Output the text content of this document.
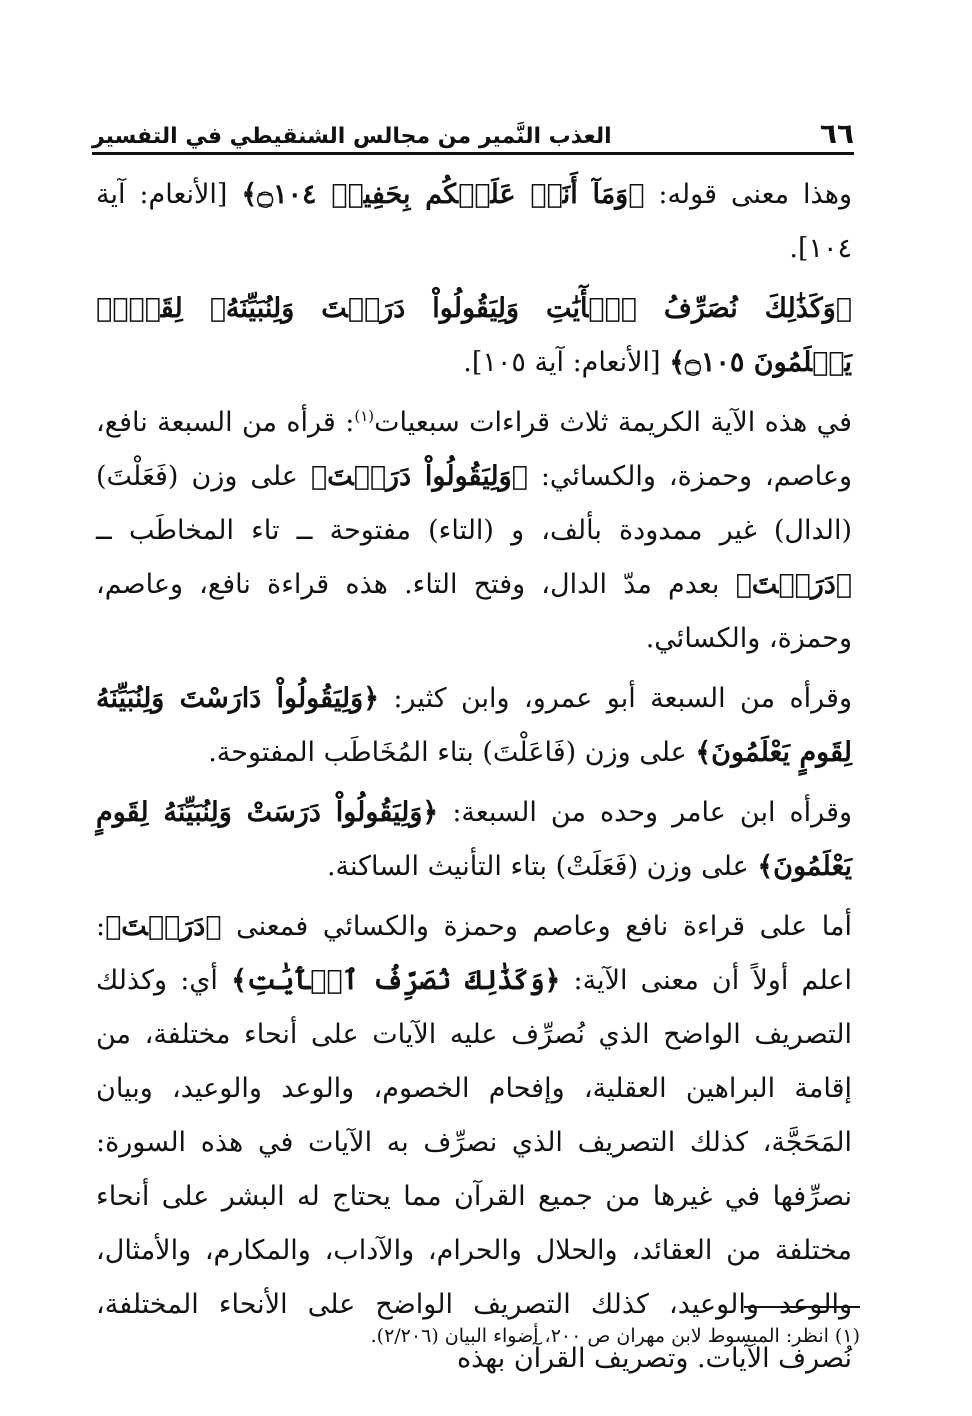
٦٦
العذب النَّمير من مجالس الشنقيطي في التفسير

وهذا معنى قوله: ﴿وَمَآ أَنَا۠ عَلَيۡكُم بِحَفِيظٖ ۝١٠٤﴾ [الأنعام: آية ١٠٤].

﴿وَكَذَٰلِكَ نُصَرِّفُ ٱلۡأٓيَٰتِ وَلِيَقُولُواْ دَرَسۡتَ وَلِنُبَيِّنَهُۥ لِقَوۡمٖ يَعۡلَمُونَ ۝١٠٥﴾ [الأنعام: آية ١٠٥].

في هذه الآية الكريمة ثلاث قراءات سبعيات$^{(١)}$: قرأه من السبعة نافع، وعاصم، وحمزة، والكسائي: ﴿وَلِيَقُولُواْ دَرَسۡتَ﴾ على وزن (فَعَلْتَ) (الدال) غير ممدودة بألف، و (التاء) مفتوحة ــ تاء المخاطَب ــ ﴿دَرَسۡتَ﴾ بعدم مدّ الدال، وفتح التاء. هذه قراءة نافع، وعاصم، وحمزة، والكسائي.

وقرأه من السبعة أبو عمرو، وابن كثير: ﴿وَلِيَقُولُواْ دَارَسْتَ وَلِنُبَيِّنَهُ لِقَومٍ يَعْلَمُونَ﴾ على وزن (فَاعَلْتَ) بتاء المُخَاطَب المفتوحة.

وقرأه ابن عامر وحده من السبعة: ﴿وَلِيَقُولُواْ دَرَسَتْ وَلِنُبَيِّنَهُ لِقَومٍ يَعْلَمُونَ﴾ على وزن (فَعَلَتْ) بتاء التأنيث الساكنة.

أما على قراءة نافع وعاصم وحمزة والكسائي فمعنى ﴿دَرَسۡتَ﴾: اعلم أولاً أن معنى الآية: ﴿وَكَذَٰلِكَ نُصَرِّفُ ٱلۡأٓيَٰتِ﴾ أي: وكذلك التصريف الواضح الذي نُصرِّف عليه الآيات على أنحاء مختلفة، من إقامة البراهين العقلية، وإفحام الخصوم، والوعد والوعيد، وبيان المَحَجَّة، كذلك التصريف الذي نصرِّف به الآيات في هذه السورة: نصرِّفها في غيرها من جميع القرآن مما يحتاج له البشر على أنحاء مختلفة من العقائد، والحلال والحرام، والآداب، والمكارم، والأمثال، والوعد والوعيد، كذلك التصريف الواضح على الأنحاء المختلفة، نُصرف الآيات. وتصريف القرآن بهذه

(١) انظر: المبسوط لابن مهران ص ٢٠٠، أضواء البيان (٢/٢٠٦).
